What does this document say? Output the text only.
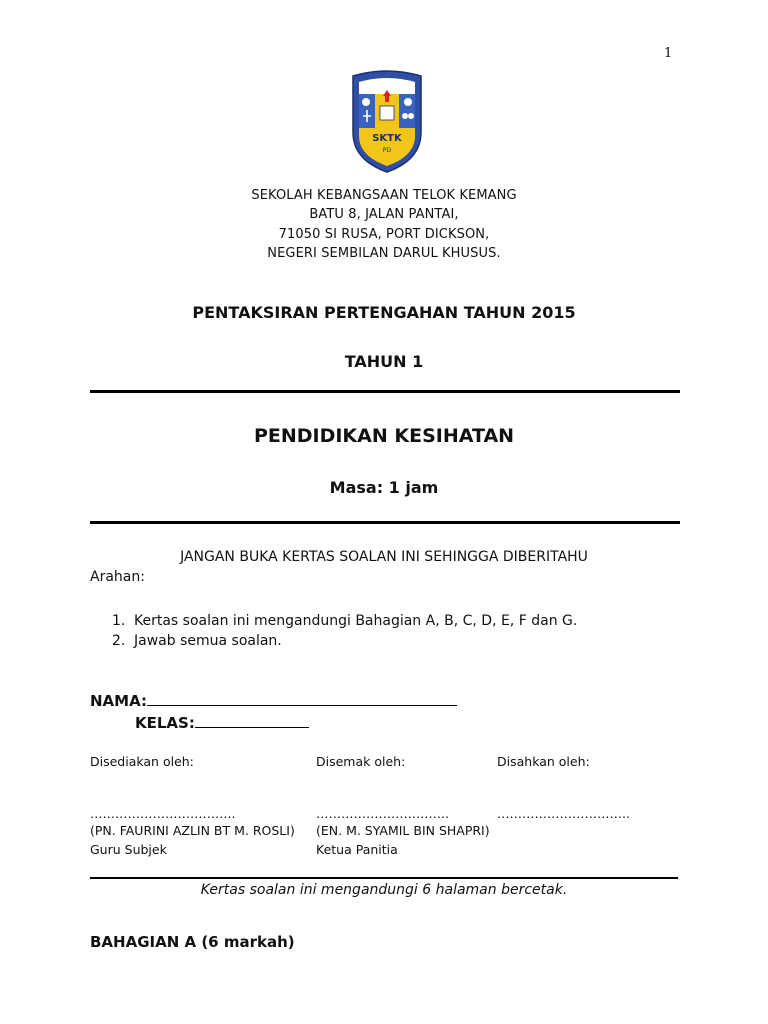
1
SKTK
PD
SEKOLAH KEBANGSAAN TELOK KEMANG
BATU 8, JALAN PANTAI,
71050 SI RUSA, PORT DICKSON,
NEGERI SEMBILAN DARUL KHUSUS.
PENTAKSIRAN PERTENGAHAN TAHUN 2015
TAHUN 1
PENDIDIKAN KESIHATAN
Masa: 1 jam
JANGAN BUKA KERTAS SOALAN INI SEHINGGA DIBERITAHU
Arahan:
1. Kertas soalan ini mengandungi Bahagian A, B, C, D, E, F dan G.
2. Jawab semua soalan.
NAMA:
KELAS:
Disediakan oleh:	Disemak oleh:	Disahkan oleh:
……………………………..	…………………………..	…………………………..
(PN. FAURINI AZLIN BT M. ROSLI) (EN. M. SYAMIL BIN SHAPRI)
Guru Subjek	Ketua Panitia
Kertas soalan ini mengandungi 6 halaman bercetak.
BAHAGIAN A (6 markah)
